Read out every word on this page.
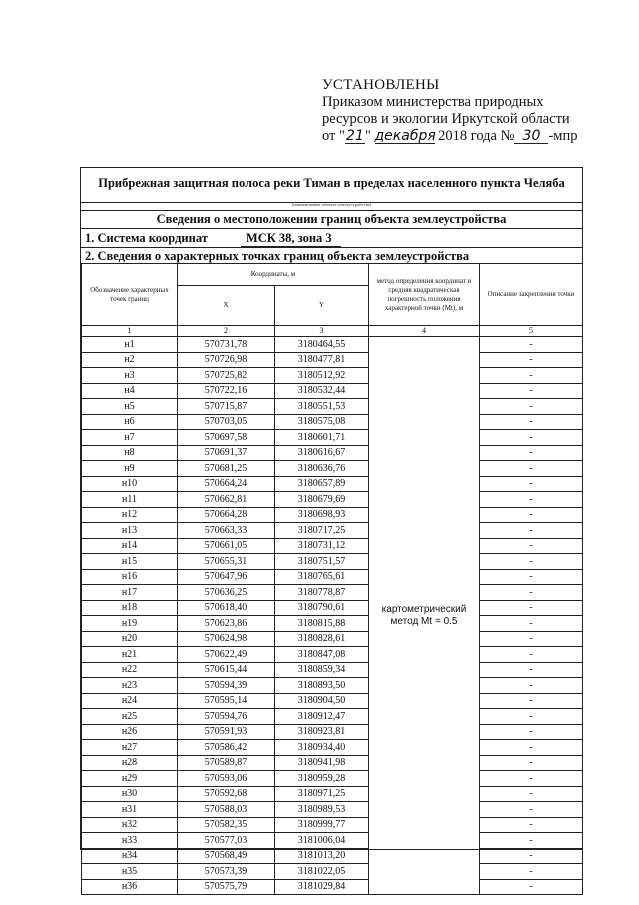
УСТАНОВЛЕНЫ
Приказом министерства природных
ресурсов и экологии Иркутской области
от "21" декабря 2018 года № 30 -мпр
Прибрежная защитная полоса реки Тиман в пределах населенного пункта Челяба
(наименование объекта землеустройства)
Сведения о местоположении границ объекта землеустройства
1. Система координат	МСК 38, зона 3
2. Сведения о характерных точках границ объекта землеустройства
Обозначение характерных точек границ	Координаты, м		метод определения координат и средняя квадратическая погрешность положения характерной точки (Mt), м	Описание закрепления точки
	X	Y		
1	2	3	4	5
н1	570731,78	3180464,55	картометрический метод Mt = 0.5	-
н2	570726,98	3180477,81		-
н3	570725,82	3180512,92		-
н4	570722,16	3180532,44		-
н5	570715,87	3180551,53		-
н6	570703,05	3180575,08		-
н7	570697,58	3180601,71		-
н8	570691,37	3180616,67		-
н9	570681,25	3180636,76		-
н10	570664,24	3180657,89		-
н11	570662,81	3180679,69		-
н12	570664,28	3180698,93		-
н13	570663,33	3180717,25		-
н14	570661,05	3180731,12		-
н15	570655,31	3180751,57		-
н16	570647,96	3180765,61		-
н17	570636,25	3180778,87		-
н18	570618,40	3180790,61		-
н19	570623,86	3180815,88		-
н20	570624,98	3180828,61		-
н21	570622,49	3180847,08		-
н22	570615,44	3180859,34		-
н23	570594,39	3180893,50		-
н24	570595,14	3180904,50		-
н25	570594,76	3180912,47		-
н26	570591,93	3180923,81		-
н27	570586,42	3180934,40		-
н28	570589,87	3180941,98		-
н29	570593,06	3180959,28		-
н30	570592,68	3180971,25		-
н31	570588,03	3180989,53		-
н32	570582,35	3180999,77		-
н33	570577,03	3181006,04		-
н34	570568,49	3181013,20		-
н35	570573,39	3181022,05		-
н36	570575,79	3181029,84		-
